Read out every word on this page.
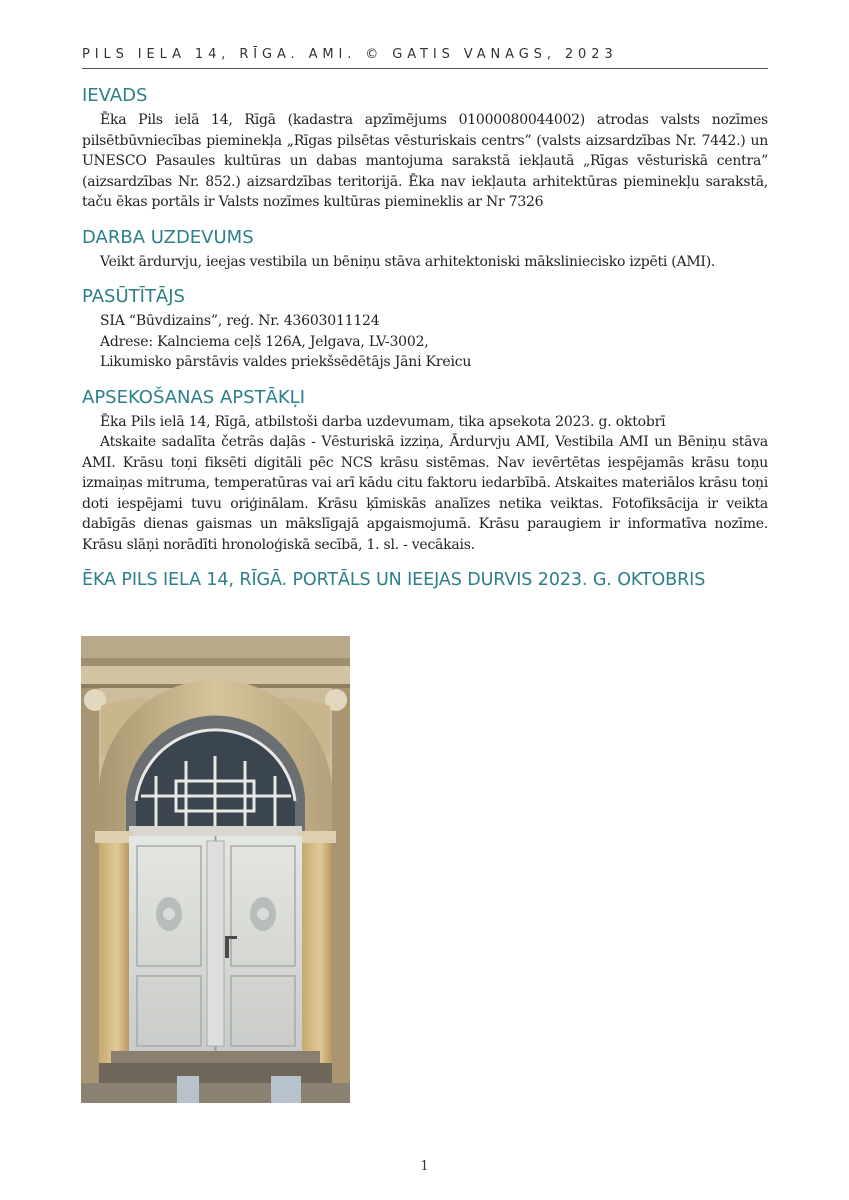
PILS IELA 14, RĪGA. AMI. © GATIS VANAGS, 2023
IEVADS

Ēka Pils ielā 14, Rīgā (kadastra apzīmējums 01000080044002) atrodas valsts nozīmes pilsētbūvniecības pieminekļa „Rīgas pilsētas vēsturiskais centrs” (valsts aizsardzības Nr. 7442.) un UNESCO Pasaules kultūras un dabas mantojuma sarakstā iekļautā „Rīgas vēsturiskā centra” (aizsardzības Nr. 852.) aizsardzības teritorijā. Ēka nav iekļauta arhitektūras pieminekļu sarakstā, taču ēkas portāls ir Valsts nozīmes kultūras piemineklis ar Nr 7326

DARBA UZDEVUMS

Veikt ārdurvju, ieejas vestibila un bēniņu stāva arhitektoniski mākslinieciskо izpēti (AMI).

PASŪTĪTĀJS
SIA “Būvdizains”, reģ. Nr. 43603011124
Adrese: Kalnciema ceļš 126A, Jelgava, LV-3002,
Likumisko pārstāvis valdes priekšsēdētājs Jāni Kreicu
APSEKOŠANAS APSTĀKĻI
Ēka Pils ielā 14, Rīgā, atbilstoši darba uzdevumam, tika apsekota 2023. g. oktobrī

Atskaite sadalīta četrās daļās - Vēsturiskā izziņa, Ārdurvju AMI, Vestibila AMI un Bēniņu stāva AMI. Krāsu toņi fiksēti digitāli pēc NCS krāsu sistēmas. Nav ievērtētas iespējamās krāsu toņu izmaiņas mitruma, temperatūras vai arī kādu citu faktoru iedarbībā. Atskaites materiālos krāsu toņi doti iespējami tuvu oriģinālam. Krāsu ķīmiskās analīzes netika veiktas. Fotofiksācija ir veikta dabīgās dienas gaismas un mākslīgajā apgaismojumā. Krāsu paraugiem ir informatīva nozīme. Krāsu slāņi norādīti hronoloģiskā secībā, 1. sl. - vecākais.

ĒKA PILS IELA 14, RĪGĀ. PORTĀLS UN IEEJAS DURVIS 2023. G. OKTOBRIS
1
